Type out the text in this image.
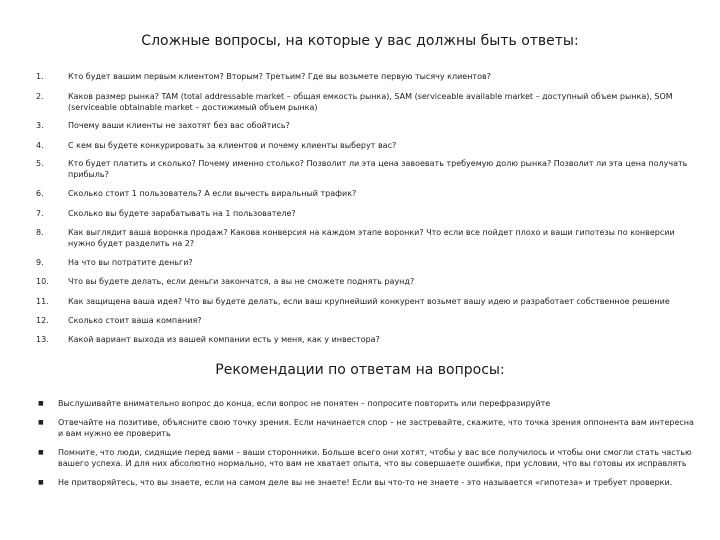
Сложные вопросы, на которые у вас должны быть ответы:
1.	Кто будет вашим первым клиентом? Вторым? Третьим? Где вы возьмете первую тысячу клиентов?
2.	Каков размер рынка? TAM (total addressable market – общая емкость рынка), SAM (serviceable available market – доступный объем рынка), SOM (serviceable obtainable market – достижимый объем рынка)
3.	Почему ваши клиенты не захотят без вас обойтись?
4.	С кем вы будете конкурировать за клиентов и почему клиенты выберут вас?
5.	Кто будет платить и сколько? Почему именно столько? Позволит ли эта цена завоевать требуемую долю рынка? Позволит ли эта цена получать прибыль?
6.	Сколько стоит 1 пользователь? А если вычесть виральный трафик?
7.	Сколько вы будете зарабатывать на 1 пользователе?
8.	Как выглядит ваша воронка продаж? Какова конверсия на каждом этапе воронки? Что если все пойдет плохо и ваши гипотезы по конверсии нужно будет разделить на 2?
9.	На что вы потратите деньги?
10.	Что вы будете делать, если деньги закончатся, а вы не сможете поднять раунд?
11.	Как защищена ваша идея? Что вы будете делать, если ваш крупнейший конкурент возьмет вашу идею и разработает собственное решение
12.	Сколько стоит ваша компания?
13.	Какой вариант выхода из вашей компании есть у меня, как у инвестора?
Рекомендации по ответам на вопросы:
■	Выслушивайте внимательно вопрос до конца, если вопрос не понятен – попросите повторить или перефразируйте
■	Отвечайте на позитиве, объясните свою точку зрения. Если начинается спор – не застревайте, скажите, что точка зрения оппонента вам интересна и вам нужно ее проверить
■	Помните, что люди, сидящие перед вами – ваши сторонники. Больше всего они хотят, чтобы у вас все получилось и чтобы они смогли стать частью вашего успеха. И для них абсолютно нормально, что вам не хватает опыта, что вы совершаете ошибки, при условии, что вы готовы их исправлять
■	Не притворяйтесь, что вы знаете, если на самом деле вы не знаете! Если вы что-то не знаете - это называется «гипотеза» и требует проверки.
